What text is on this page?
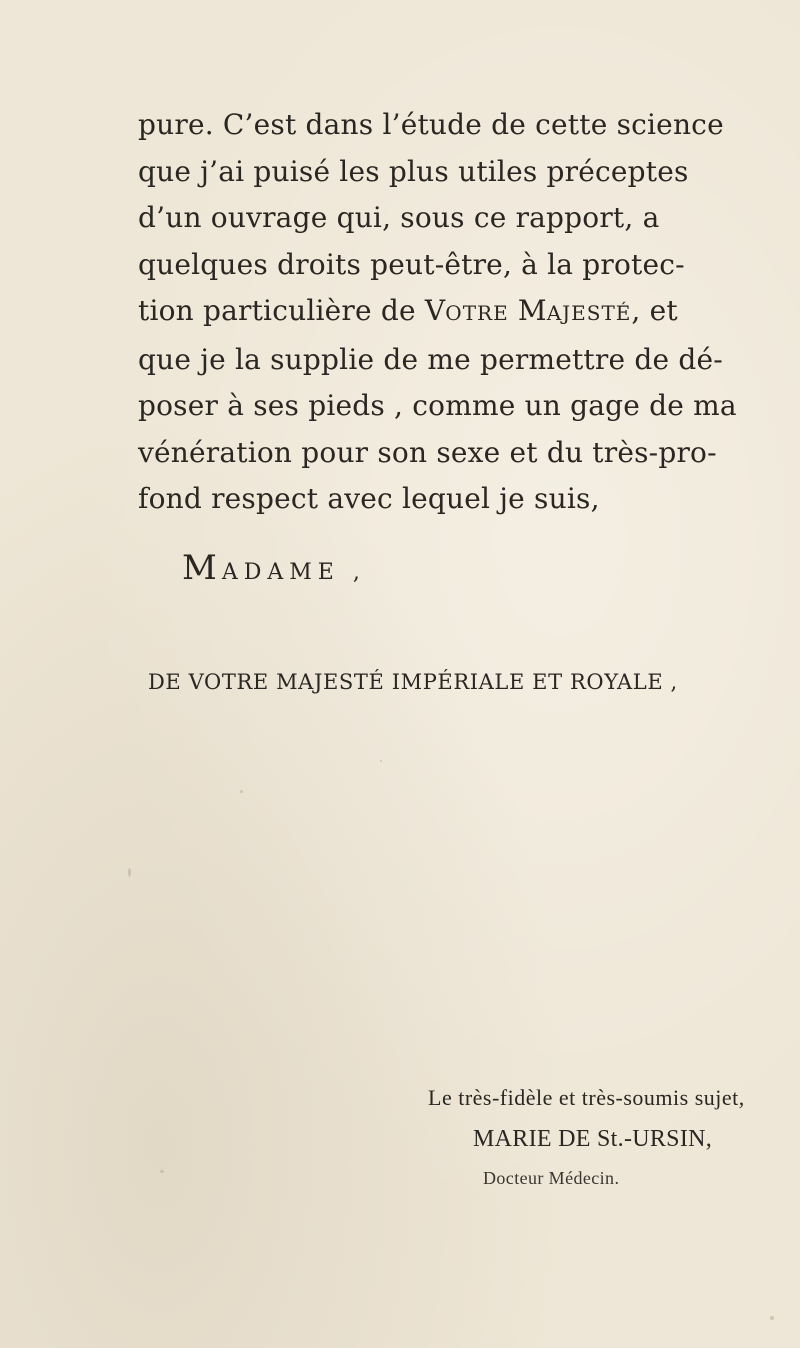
pure. C’est dans l’étude de cette science
que j’ai puisé les plus utiles préceptes
d’un ouvrage qui, sous ce rapport, a
quelques droits peut-être, à la protec-
tion particulière de VOTRE MAJESTÉ, et
que je la supplie de me permettre de dé-
poser à ses pieds , comme un gage de ma
vénération pour son sexe et du très-pro-
fond respect avec lequel je suis,
MADAME ,
DE VOTRE MAJESTÉ IMPÉRIALE ET ROYALE ,
Le très-fidèle et très-soumis sujet,
MARIE DE St.-URSIN,
Docteur Médecin.
